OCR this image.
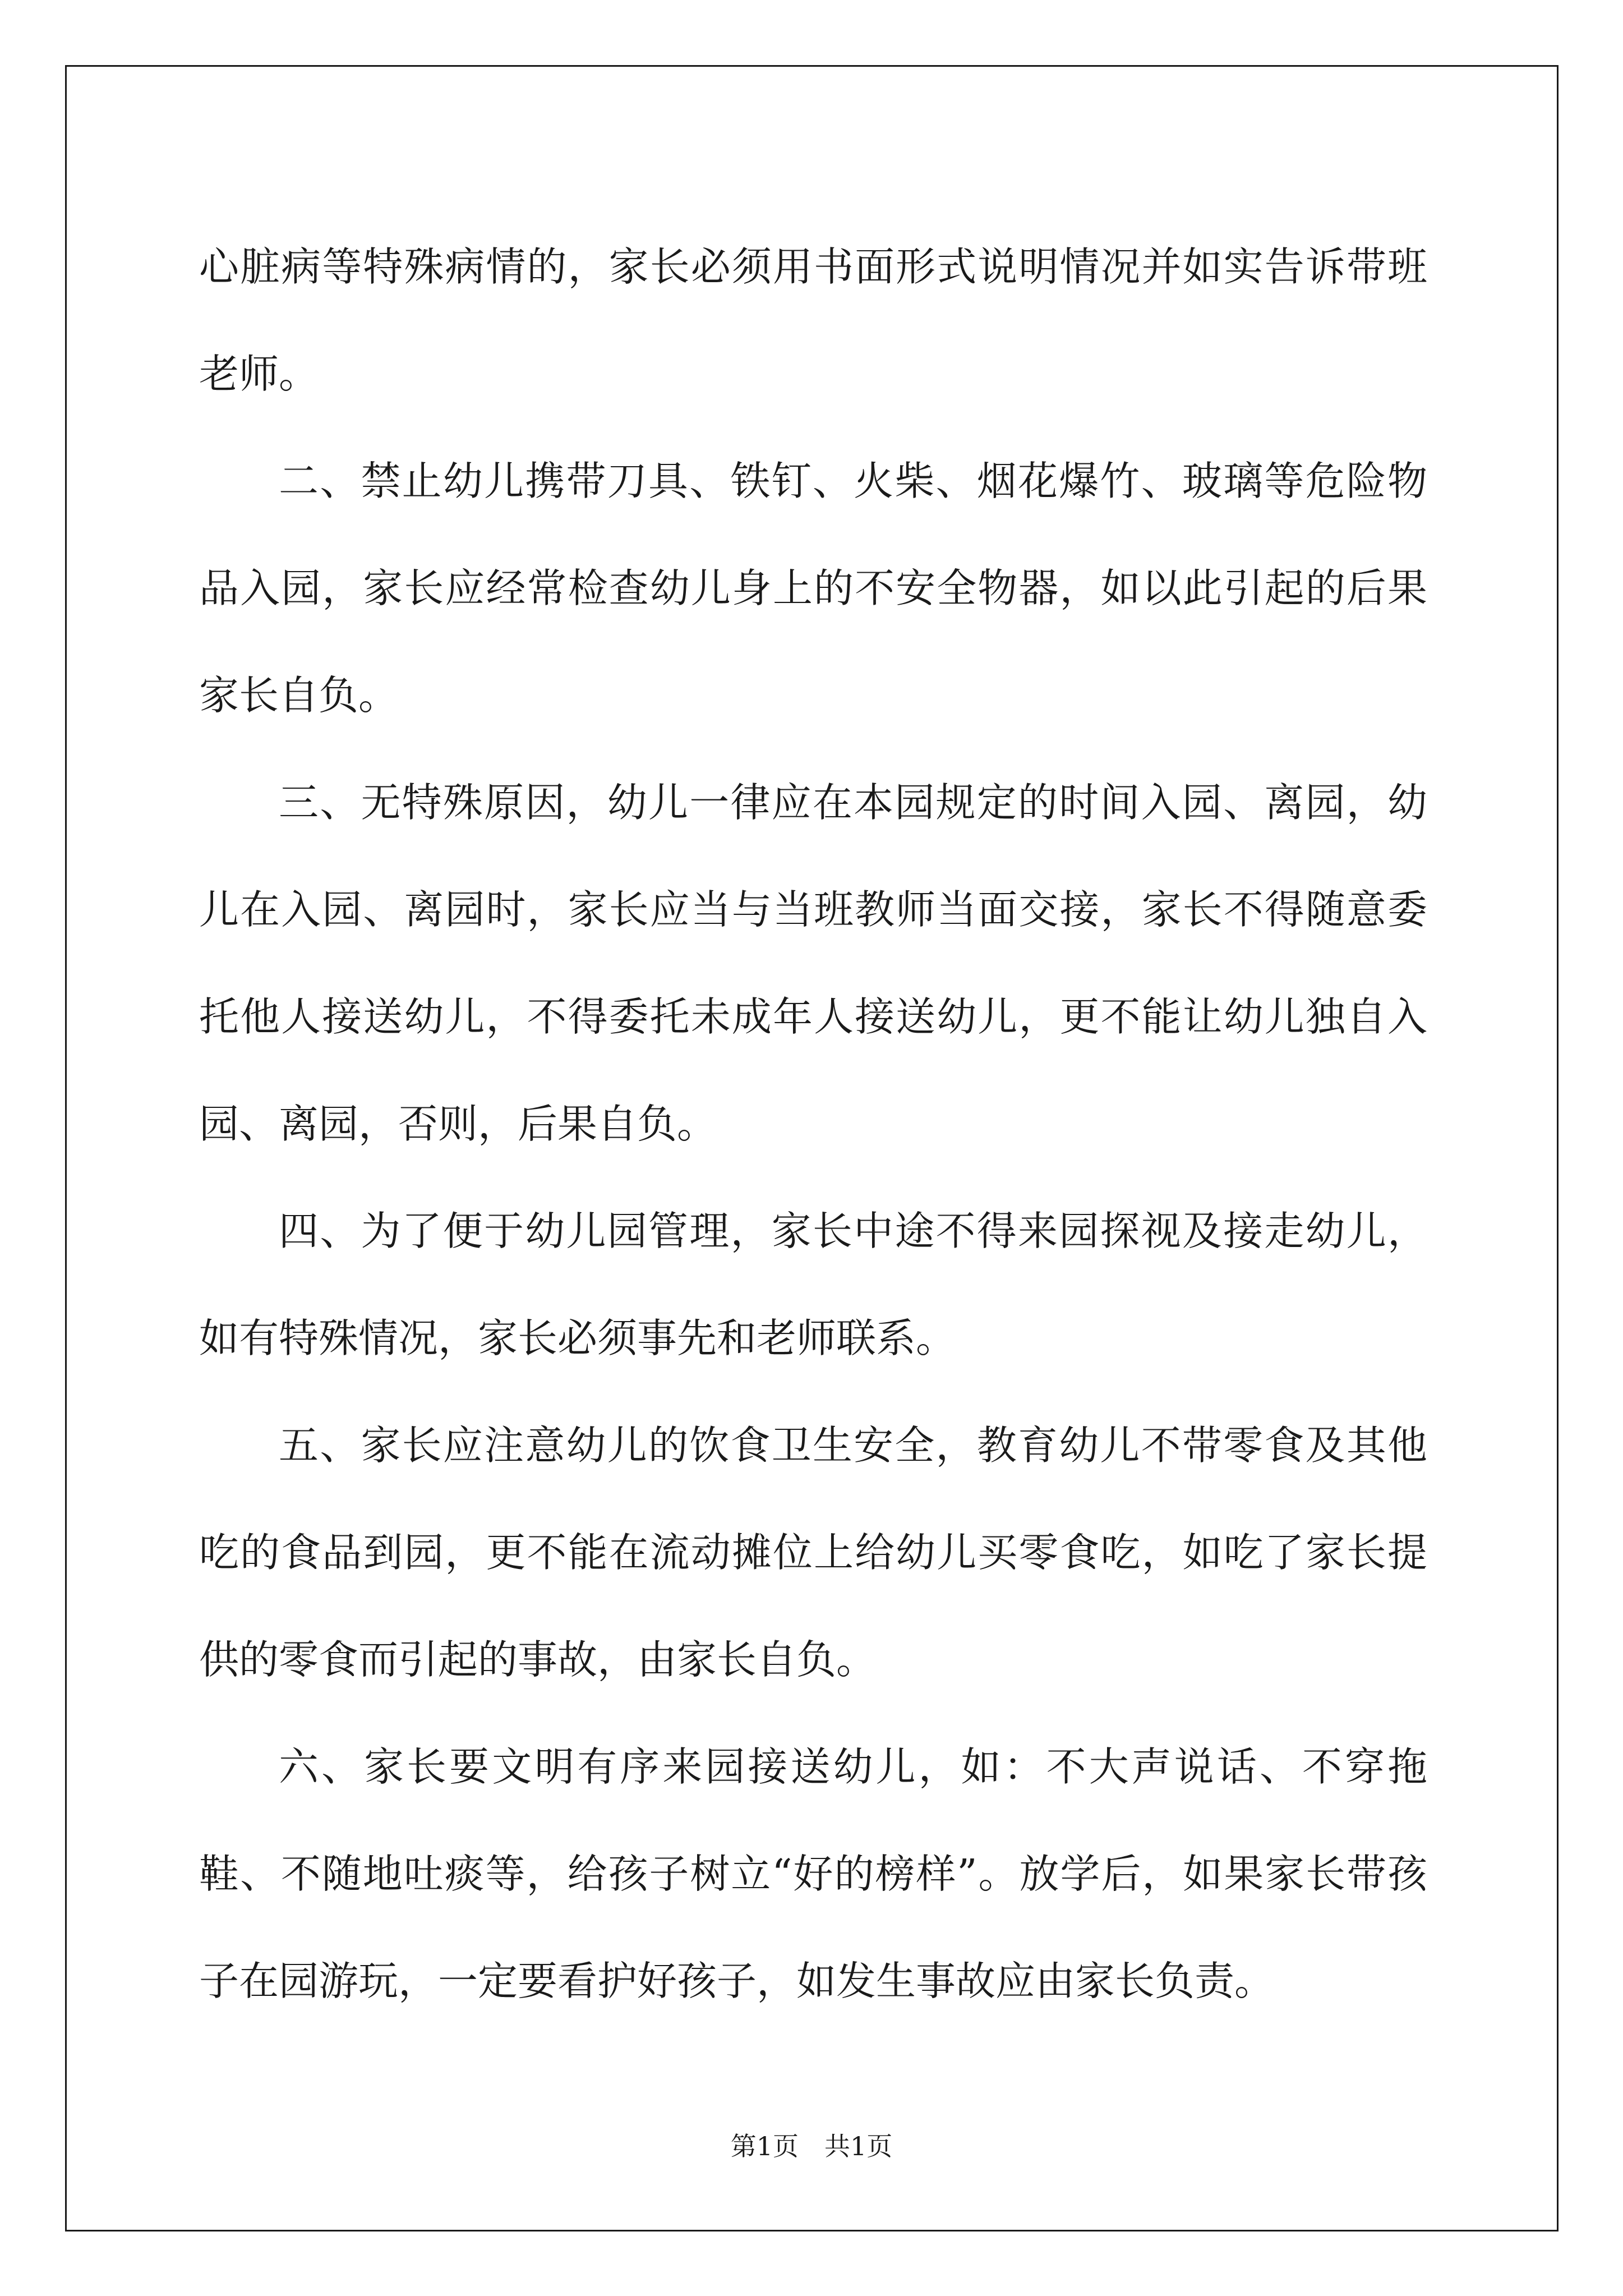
心脏病等特殊病情的，家长必须用书面形式说明情况并如实告诉带班老师。

二、禁止幼儿携带刀具、铁钉、火柴、烟花爆竹、玻璃等危险物品入园，家长应经常检查幼儿身上的不安全物器，如以此引起的后果家长自负。

三、无特殊原因，幼儿一律应在本园规定的时间入园、离园，幼儿在入园、离园时，家长应当与当班教师当面交接，家长不得随意委托他人接送幼儿，不得委托未成年人接送幼儿，更不能让幼儿独自入园、离园，否则，后果自负。

四、为了便于幼儿园管理，家长中途不得来园探视及接走幼儿，如有特殊情况，家长必须事先和老师联系。

五、家长应注意幼儿的饮食卫生安全，教育幼儿不带零食及其他吃的食品到园，更不能在流动摊位上给幼儿买零食吃，如吃了家长提供的零食而引起的事故，由家长自负。

六、家长要文明有序来园接送幼儿，如：不大声说话、不穿拖鞋、不随地吐痰等，给孩子树立“好的榜样”。放学后，如果家长带孩子在园游玩，一定要看护好孩子，如发生事故应由家长负责。

第1页 共1页
